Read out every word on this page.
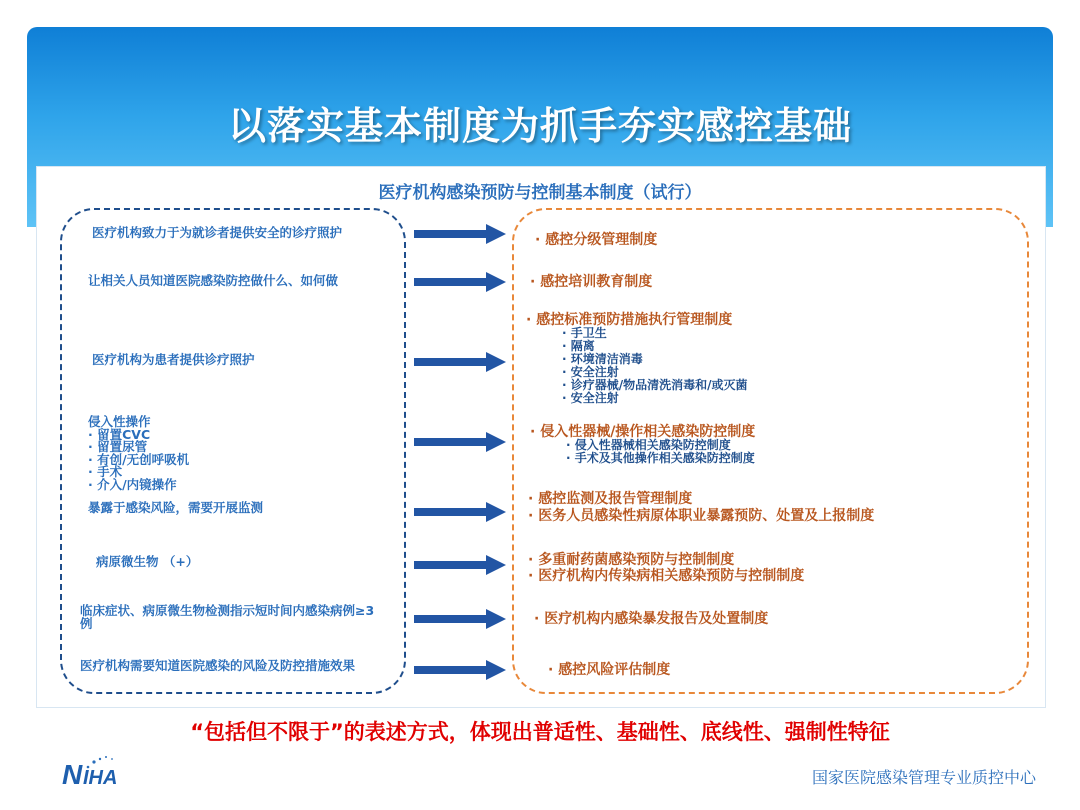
以落实基本制度为抓手夯实感控基础
医疗机构感染预防与控制基本制度（试行）
医疗机构致力于为就诊者提供安全的诊疗照护
让相关人员知道医院感染防控做什么、如何做
医疗机构为患者提供诊疗照护
侵入性操作
· 留置CVC
· 留置尿管
· 有创/无创呼吸机
· 手术
· 介入/内镜操作
暴露于感染风险，需要开展监测
病原微生物 （+）
临床症状、病原微生物检测指示短时间内感染病例≥3例
医疗机构需要知道医院感染的风险及防控措施效果
· 感控分级管理制度
· 感控培训教育制度
· 感控标准预防措施执行管理制度
· 手卫生
· 隔离
· 环境清洁消毒
· 安全注射
· 诊疗器械/物品清洗消毒和/或灭菌
· 安全注射
· 侵入性器械/操作相关感染防控制度
· 侵入性器械相关感染防控制度
· 手术及其他操作相关感染防控制度
· 感控监测及报告管理制度
· 医务人员感染性病原体职业暴露预防、处置及上报制度
· 多重耐药菌感染预防与控制制度
· 医疗机构内传染病相关感染预防与控制制度
· 医疗机构内感染暴发报告及处置制度
· 感控风险评估制度
“包括但不限于”的表述方式，体现出普适性、基础性、底线性、强制性特征
N IHA	国家医院感染管理专业质控中心
